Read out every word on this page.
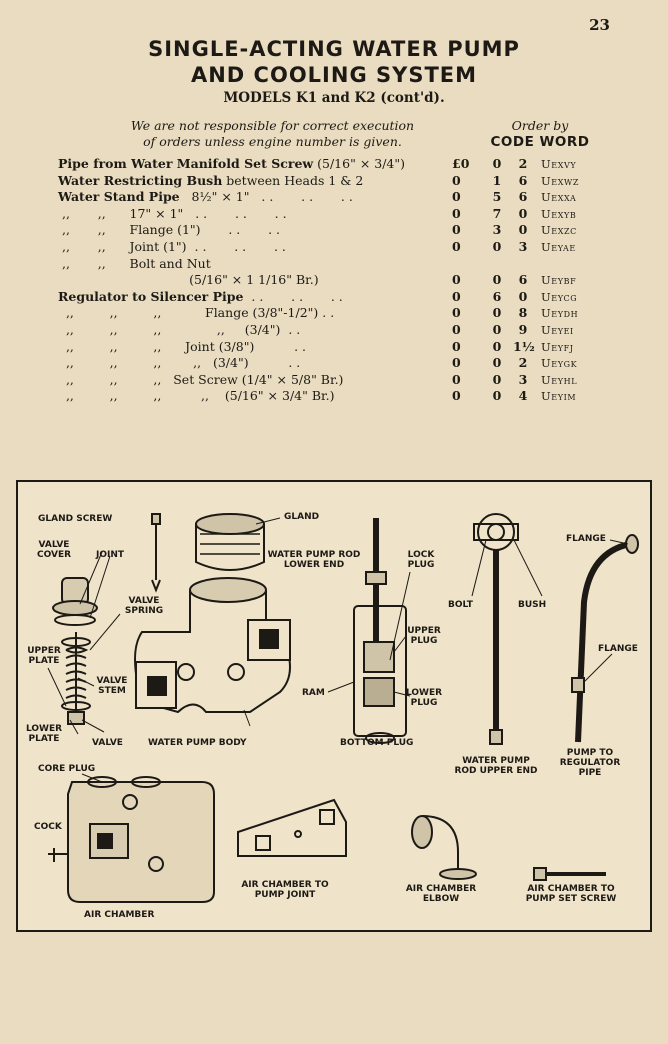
23
SINGLE-ACTING WATER PUMP
AND COOLING SYSTEM
MODELS K1 and K2 (cont'd).
We are not responsible for correct execution
of orders unless engine number is given.
Order by
CODE WORD
Pipe from Water Manifold Set Screw (5/16" × 3/4")	£0 0	2	Uexvy
Water Restricting Bush between Heads 1 & 2	0	1	6	Uexwz
Water Stand Pipe   8½" × 1"   . .       . .       . .	0	5	6	Uexxa
,,       ,,      17" × 1"   . .       . .       . .	0	7	0	Uexyb
,,       ,,      Flange (1")       . .       . .	0	3	0	Uexzc
,,       ,,      Joint (1")  . .       . .       . .	0	0	3	Ueyae
,,       ,,      Bolt and Nut
(5/16" × 1 1/16" Br.)	0	0	6	Ueybf
Regulator to Silencer Pipe  . .       . .       . .	0	6	0	Ueycg
,,         ,,         ,,           Flange (3/8"-1/2") . .	0	0	8	Ueydh
,,         ,,         ,,              ,,     (3/4")  . .	0	0	9	Ueyei
,,         ,,         ,,      Joint (3/8")          . .	0	0 1½ Ueyfj
,,         ,,         ,,        ,,   (3/4")          . .	0	0	2	Ueygk
,,         ,,         ,,   Set Screw (1/4" × 5/8" Br.)	0	0	3	Ueyhl
,,         ,,         ,,          ,,    (5/16" × 3/4" Br.)	0	0	4	Ueyim
GLAND SCREW	GLAND
VALVE COVER	JOINT	WATER PUMP ROD LOWER END
LOCK PLUG
VALVE SPRING
UPPER PLATE
VALVE STEM
UPPER PLUG
LOWER PLUG
RAM
LOWER PLATE	VALVE	WATER PUMP BODY	BOTTOM PLUG
BOLT	BUSH
FLANGE
FLANGE
WATER PUMP ROD UPPER END
PUMP TO REGULATOR PIPE
CORE PLUG
COCK
AIR CHAMBER
AIR CHAMBER TO PUMP JOINT
AIR CHAMBER ELBOW
AIR CHAMBER TO PUMP SET SCREW
